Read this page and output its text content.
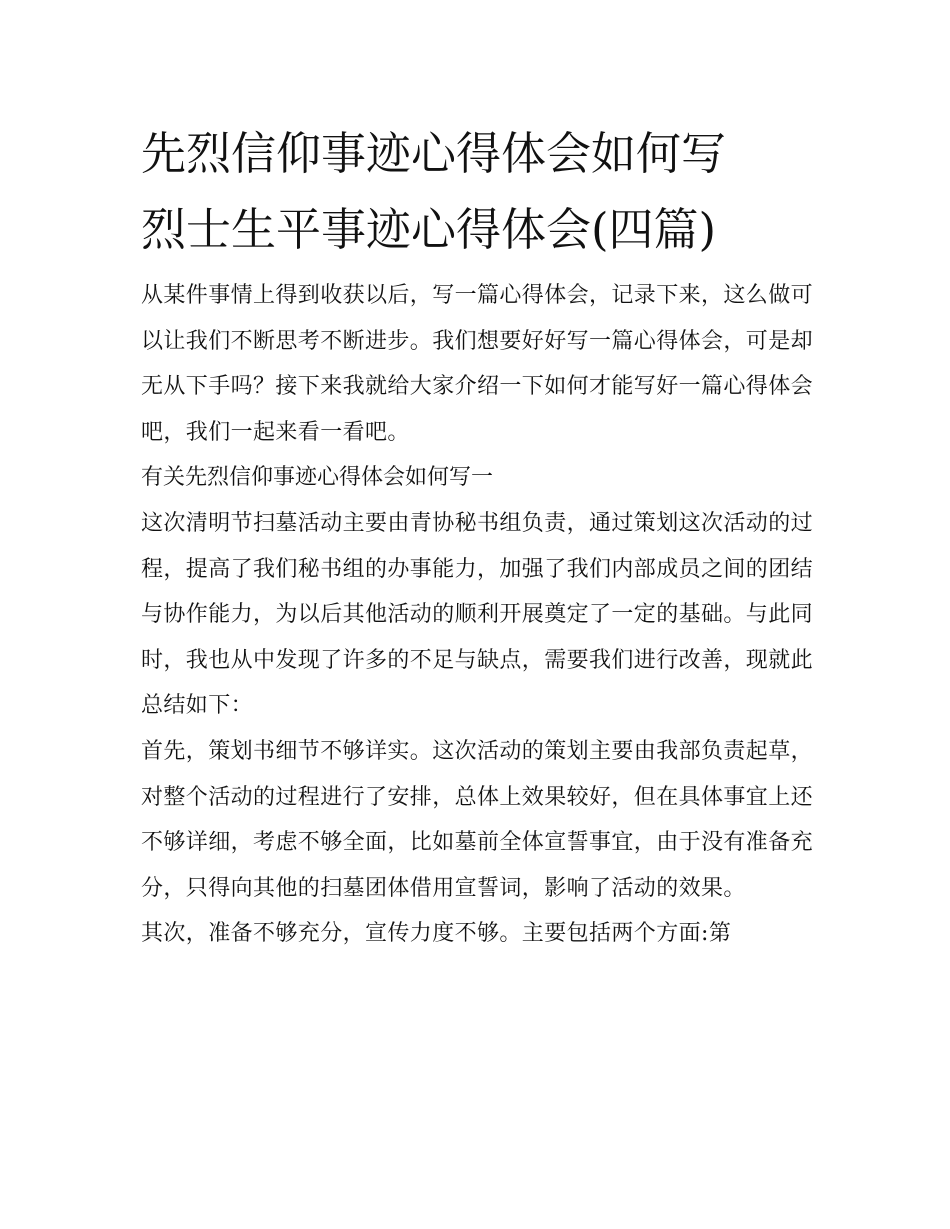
先烈信仰事迹心得体会如何写
烈士生平事迹心得体会(四篇)

从某件事情上得到收获以后，写一篇心得体会，记录下来，这么做可以让我们不断思考不断进步。我们想要好好写一篇心得体会，可是却无从下手吗？接下来我就给大家介绍一下如何才能写好一篇心得体会吧，我们一起来看一看吧。

有关先烈信仰事迹心得体会如何写一

这次清明节扫墓活动主要由青协秘书组负责，通过策划这次活动的过程，提高了我们秘书组的办事能力，加强了我们内部成员之间的团结与协作能力，为以后其他活动的顺利开展奠定了一定的基础。与此同时，我也从中发现了许多的不足与缺点，需要我们进行改善，现就此总结如下：

首先，策划书细节不够详实。这次活动的策划主要由我部负责起草，对整个活动的过程进行了安排，总体上效果较好，但在具体事宜上还不够详细，考虑不够全面，比如墓前全体宣誓事宜，由于没有准备充分，只得向其他的扫墓团体借用宣誓词，影响了活动的效果。

其次，准备不够充分，宣传力度不够。主要包括两个方面:第
